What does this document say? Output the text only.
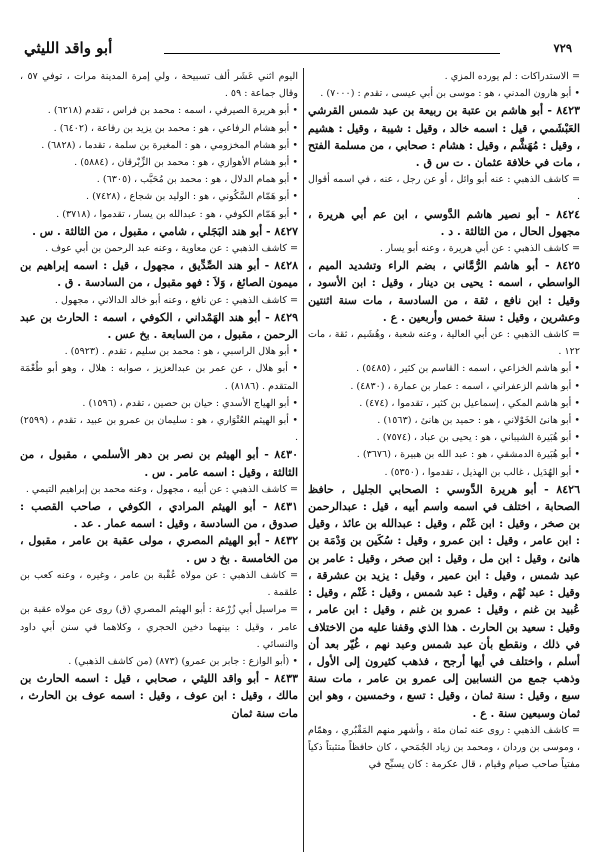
٧٢٩
أبو واقد الليثي

= الاستدراكات : لم يورده المزي .

• أبو هارون المدني ، هو : موسى بن أبي عيسى ، تقدم : (٧٠٠٠) .

٨٤٢٣ - أبو هاشم بن عتبة بن ربيعة بن عبد شمس القرشي العَبْشَمي ، قيل : اسمه خالد ، وقيل : شيبة ، وقيل : هشيم ، وقيل : مُهَشَّم ، وقيل : هشام : صحابي ، من مسلمة الفتح ، مات في خلافة عثمان . ت س ق .

= كاشف الذهبي : عنه أبو وائل ، أو عن رجل ، عنه ، في اسمه أقوال .

٨٤٢٤ - أبو نصير هاشم الدَّوسي ، ابن عم أبي هريرة ، مجهول الحال ، من الثالثة . د .

= كاشف الذهبي : عن أبي هريرة ، وعنه أبو يسار .

٨٤٢٥ - أبو هاشم الرُّمَّاني ، بضم الراء وتشديد الميم ، الواسطي ، اسمه : يحيى بن دينار ، وقيل : ابن الأسود ، وقيل : ابن نافع ، ثقة ، من السادسة ، مات سنة اثنتين وعشرين ، وقيل : سنة خمس وأربعين . ع .

= كاشف الذهبي : عن أبي العالية ، وعنه شعبة ، وهُشَيم ، ثقة ، مات ١٢٢ .

• أبو هاشم الخزاعي ، اسمه : القاسم بن كثير ، (٥٤٨٥) .

• أبو هاشم الزعفراني ، اسمه : عمار بن عمارة ، (٤٨٣٠) .

• أبو هاشم المكي ، إسماعيل بن كثير ، تقدموا ، (٤٧٤) .

• أبو هانئ الخَوْلاني ، هو : حميد بن هانئ ، (١٥٦٣) .

• أبو هُبَيرة الشيباني ، هو : يحيى بن عباد ، (٧٥٧٤) .

• أبو هُبَيرة الدمشقي ، هو : عبد الله بن هبيرة ، (٣٦٧٦) .

• أبو الهُدَيل ، غالب بن الهذيل ، تقدموا ، (٥٣٥٠) .

٨٤٢٦ - أبو هريرة الدَّوسي : الصحابي الجليل ، حافظ الصحابة ، اختلف في اسمه واسم أبيه ، قيل : عبدالرحمن بن صخر ، وقيل : ابن غَنْم ، وقيل : عبدالله بن عائذ ، وقيل : ابن عامر ، وقيل : ابن عمرو ، وقيل : سُكَين بن وَدْمَة بن هانئ ، وقيل : ابن مل ، وقيل : ابن صخر ، وقيل : عامر بن عبد شمس ، وقيل : ابن عمير ، وقيل : يزيد بن عشرقة ، وقيل : عبد نُهْم ، وقيل : عبد شمس ، وقيل : غَنْم ، وقيل : عُبيد بن غنم ، وقيل : عمرو بن غنم ، وقيل : ابن عامر ، وقيل : سعيد بن الحارث . هذا الذي وقفنا عليه من الاختلاف في ذلك ، ونقطع بأن عبد شمس وعبد نهم ، غُيّر بعد أن أسلم ، واختلف في أيها أرجح ، فذهب كثيرون إلى الأول ، وذهب جمع من النسابين إلى عمرو بن عامر ، مات سنة سبع ، وقيل : سنة ثمان ، وقيل : تسع ، وخمسين ، وهو ابن ثمان وسبعين سنة . ع .

= كاشف الذهبي : روى عنه ثمان مئة ، وأشهر منهم المَقْبُري ، وهمّام ، وموسى بن وردان ، ومحمد بن زياد الجُمَحي ، كان حافظاً متثبتاً ذكياً مفتياً صاحب صيام وقيام ، قال عكرمة : كان يسبِّح في

اليوم اثني عَشَر ألف تسبيحة ، ولي إمرة المدينة مرات ، توفي ٥٧ ، وقال جماعة : ٥٩ .

• أبو هريرة الصيرفي ، اسمه : محمد بن فراس ، تقدم (٦٢١٨) .

• أبو هشام الرفاعي ، هو : محمد بن يزيد بن رفاعة ، (٦٤٠٢) .

• أبو هشام المخزومي ، هو : المغيرة بن سلمة ، تقدما ، (٦٨٢٨) .

• أبو هشام الأهوازي ، هو : محمد بن الزِّبْرقان ، (٥٨٨٤) .

• أبو همام الدلال ، هو : محمد بن مُحَبَّب ، (٦٣٠٥) .

• أبو هَمّام السَّكُوني ، هو : الوليد بن شجاع ، (٧٤٢٨) .

• أبو هَمّام الكوفي ، هو : عبدالله بن يسار ، تقدموا ، (٣٧١٨) .

٨٤٢٧ - أبو هند البَجَلي ، شامي ، مقبول ، من الثالثة . س .

= كاشف الذهبي : عن معاوية ، وعنه عبد الرحمن بن أبي عوف .

٨٤٢٨ - أبو هند الصِّدِّيق ، مجهول ، قيل : اسمه إبراهيم بن ميمون الصائغ ، وَلاَ : فهو مقبول ، من السادسة . ق .

= كاشف الذهبي : عن نافع ، وعنه أبو خالد الدالاني ، مجهول .

٨٤٢٩ - أبو هند الهَمْداني ، الكوفي ، اسمه : الحارث بن عبد الرحمن ، مقبول ، من السابعة . بخ عس .

• أبو هلال الراسبي ، هو : محمد بن سليم ، تقدم . (٥٩٢٣) .

• أبو هلال ، عن عمر بن عبدالعزيز ، صوابه : هلال ، وهو أبو طُعْمَة المتقدم . (٨١٨٦) .

• أبو الهياج الأسدي : حيان بن حصين ، تقدم ، (١٥٩٦) .

• أبو الهيثم العُتْوَاري ، هو : سليمان بن عمرو بن عبيد ، تقدم ، (٢٥٩٩) .

٨٤٣٠ - أبو الهيثم بن نصر بن دهر الأسلمي ، مقبول ، من الثالثة ، وقيل : اسمه عامر . س .

= كاشف الذهبي : عن أبيه ، مجهول ، وعنه محمد بن إبراهيم التيمي .

٨٤٣١ - أبو الهيثم المرادي ، الكوفي ، صاحب القصب : صدوق ، من السادسة ، وقيل : اسمه عمار . عد .

٨٤٣٢ - أبو الهيثم المصري ، مولى عقبة بن عامر ، مقبول ، من الخامسة . بخ د س .

= كاشف الذهبي : عن مولاه عُقْبة بن عامر ، وغيره ، وعنه كعب بن علقمة .

= مراسيل أبي زُرْعة : أبو الهيثم المصري (ق) روى عن مولاه عقبة بن عامر ، وقيل : بينهما دخين الحجري ، وكلاهما في سنن أبي داود والنسائي .

• (أبو الوازع : جابر بن عمرو) (٨٧٣) (من كاشف الذهبي) .

٨٤٣٣ - أبو واقد الليثي ، صحابي ، قيل : اسمه الحارث بن مالك ، وقيل : ابن عوف ، وقيل : اسمه عوف بن الحارث ، مات سنة ثمان
